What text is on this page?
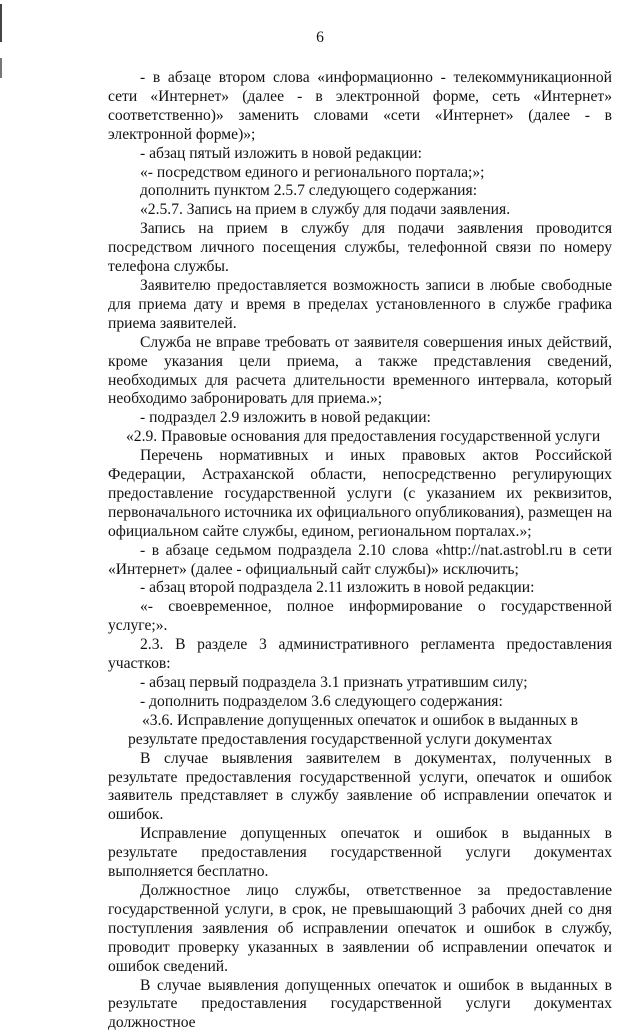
6

- в абзаце втором слова «информационно - телекоммуникационной сети «Интернет» (далее - в электронной форме, сеть «Интернет» соответственно)» заменить словами «сети «Интернет» (далее - в электронной форме)»;

- абзац пятый изложить в новой редакции:

«- посредством единого и регионального портала;»;

дополнить пунктом 2.5.7 следующего содержания:

«2.5.7. Запись на прием в службу для подачи заявления.

Запись на прием в службу для подачи заявления проводится посредством личного посещения службы, телефонной связи по номеру телефона службы.

Заявителю предоставляется возможность записи в любые свободные для приема дату и время в пределах установленного в службе графика приема заявителей.

Служба не вправе требовать от заявителя совершения иных действий, кроме указания цели приема, а также представления сведений, необходимых для расчета длительности временного интервала, который необходимо забронировать для приема.»;

- подраздел 2.9 изложить в новой редакции:

«2.9. Правовые основания для предоставления государственной услуги

Перечень нормативных и иных правовых актов Российской Федерации, Астраханской области, непосредственно регулирующих предоставление государственной услуги (с указанием их реквизитов, первоначального источника их официального опубликования), размещен на официальном сайте службы, едином, региональном порталах.»;

- в абзаце седьмом подраздела 2.10 слова «http://nat.astrobl.ru в сети «Интернет» (далее - официальный сайт службы)» исключить;

- абзац второй подраздела 2.11 изложить в новой редакции:

«- своевременное, полное информирование о государственной услуге;».

2.3. В разделе 3 административного регламента предоставления участков:

- абзац первый подраздела 3.1 признать утратившим силу;

- дополнить подразделом 3.6 следующего содержания:

«3.6. Исправление допущенных опечаток и ошибок в выданных в результате предоставления государственной услуги документах

В случае выявления заявителем в документах, полученных в результате предоставления государственной услуги, опечаток и ошибок заявитель представляет в службу заявление об исправлении опечаток и ошибок.

Исправление допущенных опечаток и ошибок в выданных в результате предоставления государственной услуги документах выполняется бесплатно.

Должностное лицо службы, ответственное за предоставление государственной услуги, в срок, не превышающий 3 рабочих дней со дня поступления заявления об исправлении опечаток и ошибок в службу, проводит проверку указанных в заявлении об исправлении опечаток и ошибок сведений.

В случае выявления допущенных опечаток и ошибок в выданных в результате предоставления государственной услуги документах должностное
